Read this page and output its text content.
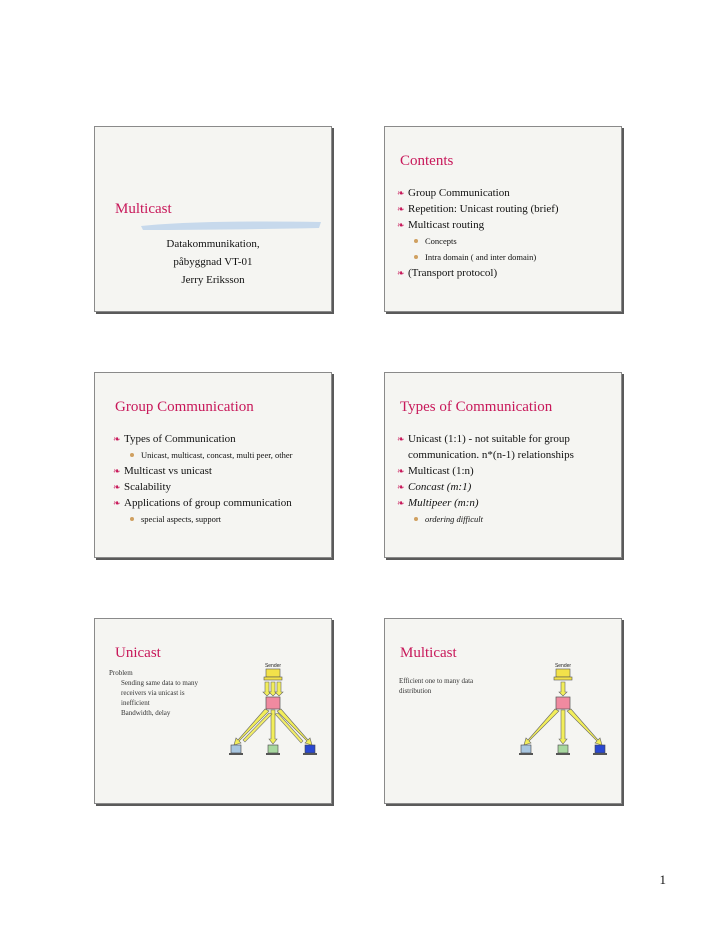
Multicast
Datakommunikation,
påbyggnad VT-01
Jerry Eriksson
Contents
❧ Group Communication
❧ Repetition: Unicast routing (brief)
❧ Multicast routing
Concepts
Intra domain ( and inter domain)
❧ (Transport protocol)
Group Communication
❧ Types of Communication
Unicast, multicast, concast, multi peer, other
❧ Multicast vs unicast
❧ Scalability
❧ Applications of group communication
special aspects, support
Types of Communication
❧ Unicast (1:1) - not suitable for group
communication. n*(n-1) relationships
❧ Multicast (1:n)
❧ Concast (m:1)
❧ Multipeer (m:n)
ordering difficult
Unicast
Problem
Sending same data to many
receivers via unicast is
inefficient
Bandwidth, delay
Sender
Multicast
Efficient one to many data
distribution
Sender
1
